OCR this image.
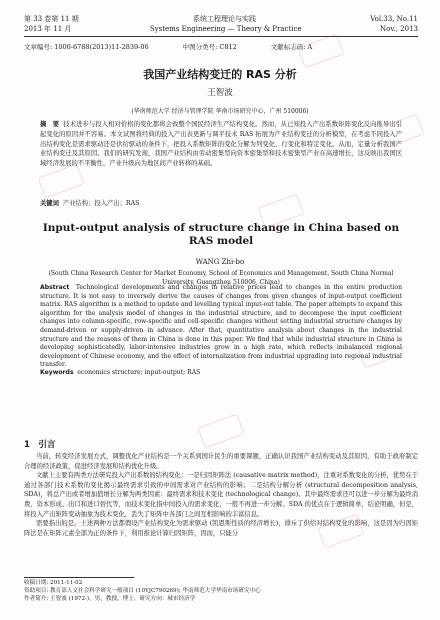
第 33 卷第 11 期	系统工程理论与实践	Vol.33, No.11
2013 年 11 月	Systems Engineering — Theory & Practice	Nov., 2013
文章编号: 1000-6788(2013)11-2839-06	中图分类号: C812	文献标志码: A
我国产业结构变迁的 RAS 分析
王智波
(华南师范大学 经济与管理学院 华南市场研究中心，广州 510006)
摘　要 技术进步与投入相对价格的变化都将会致整个国民经济生产结构变化。然而，从已知投入产出系数矩阵变化反向推导出引起变化的原因并不容易。本文试图将经典的投入产出表更新与调平技术 RAS 拓展为产业结构变迁的分析模型，在考虑不同投入产出结构变化是需求驱动还是供给驱动的条件下，把投入系数矩阵的变化分解为列变化、行变化和特定变化。从而，定量分析我国产业结构变迁及其原因。我们的研究发现，我国产业结构由劳动密集型向资本密集型和技术密集型产业在高速增长，这反映出我国区域经济发展的不平衡性，产业升级向为地区间产业转移的基础。
关键词 产业结构；投入产出；RAS
Input-output analysis of structure change in China based on RAS model
WANG Zhi-bo
(South China Research Center for Market Economy, School of Economics and Management, South China Normal University, Guangzhou 510006, China)
Abstract Technological developments and changes in relative prices lead to changes in the entire production structure. It is not easy to inversely derive the causes of changes from given changes of input-output coefficient matrix. RAS algorithm is a method to update and levelling typical input-out table. The paper attempts to expand this algorithm for the analysis model of changes in the industrial structure, and to decompose the input coefficient changes into column-specific, row-specific and cell-specific changes without setting industrial structure changes by demand-driven or supply-driven in advance. After that, quantitative analysis about changes in the industrial structure and the reasons of them in China is done in this paper. We find that while industrial structure in China is developing sophisticatedly, labor-intensive industries grow in a high rate, which reflects imbalanced regional development of Chinese economy, and the effect of internalization from industrial upgrading into regional industrial transfer.
Keywords economics structure; input-output; RAS
1　引言

当前，转变经济发展方式，调整优化产业结构是一个关系到国计民生的重要课题，正确认识我国产业结构变动及其原因，有助于政府制定合理的经济政策，促进经济发展和结构优化升级。

文献上主要有两类方法研究投入产出系数的结构变化：一是归因矩阵法 (causative matrix method)，注重对系数变化的分析，优势在于通过各部门技术系数的变化揭示最终需求引致的中间需求对产业结构的影响；二是结构分解分析 (structural decomposition analysis, SDA)，将总产出或者增加值增长分解为两类因素：最终需求和技术变化 (technological change)。其中最终需求还可以进一步分解为最终消费、资本形成、出口和进口替代等，而技术变化指中间投入的需求变化，一般不再进一步分解。SDA 的优点在于逻辑简单，结论明确，但是，将投入产出矩阵变动抽象为技术变化，丢失了矩阵中各部门之间互相影响的丰富信息。

需要指出的是，上述两种方法都假设产业结构变化为需求驱动 (凯恩斯性质的经济增长)，排斥了供给对结构变化的影响，这是因为归因矩阵法是在矩阵元素全部为正的条件下，利用推论计算归因矩阵，因而，只能分

收稿日期: 2011-11-02
资助项目: 教育部人文社会科学研究一般项目 (10YJC790269); 华南师范大学华南市场研究中心
作者简介: 王智波 (1972-)，男，教授，博士，研究方向：城市经济学
